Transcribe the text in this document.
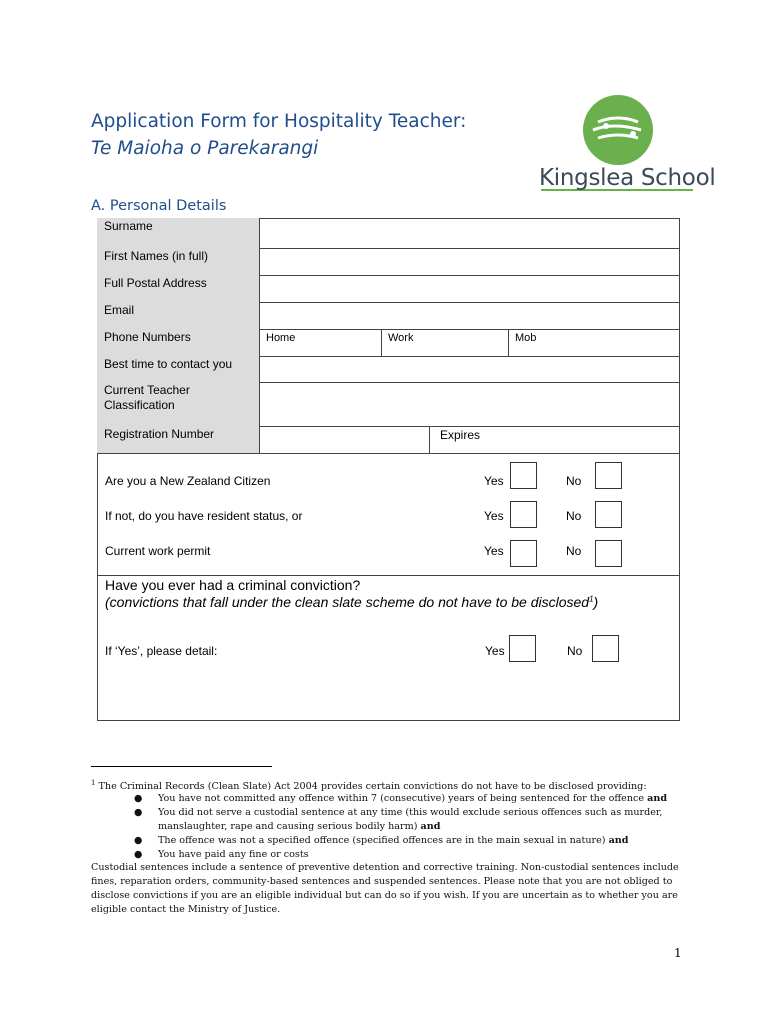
Application Form for Hospitality Teacher:
Te Maioha o Parekarangi
Kingslea School
A. Personal Details
Surname
First Names (in full)
Full Postal Address
Email
Phone Numbers	Home	Work	Mob
Best time to contact you
Current Teacher Classification
Registration Number	Expires
Are you a New Zealand Citizen	Yes	No
If not, do you have resident status, or	Yes	No
Current work permit	Yes	No
Have you ever had a criminal conviction?
(convictions that fall under the clean slate scheme do not have to be disclosed$^1$)
If ‘Yes’, please detail:	Yes	No
$^1$ The Criminal Records (Clean Slate) Act 2004 provides certain convictions do not have to be disclosed providing:
● You have not committed any offence within 7 (consecutive) years of being sentenced for the offence and
● You did not serve a custodial sentence at any time (this would exclude serious offences such as murder,
manslaughter, rape and causing serious bodily harm) and
● The offence was not a specified offence (specified offences are in the main sexual in nature) and
● You have paid any fine or costs
Custodial sentences include a sentence of preventive detention and corrective training. Non-custodial sentences include
fines, reparation orders, community-based sentences and suspended sentences. Please note that you are not obliged to
disclose convictions if you are an eligible individual but can do so if you wish. If you are uncertain as to whether you are
eligible contact the Ministry of Justice.
1
